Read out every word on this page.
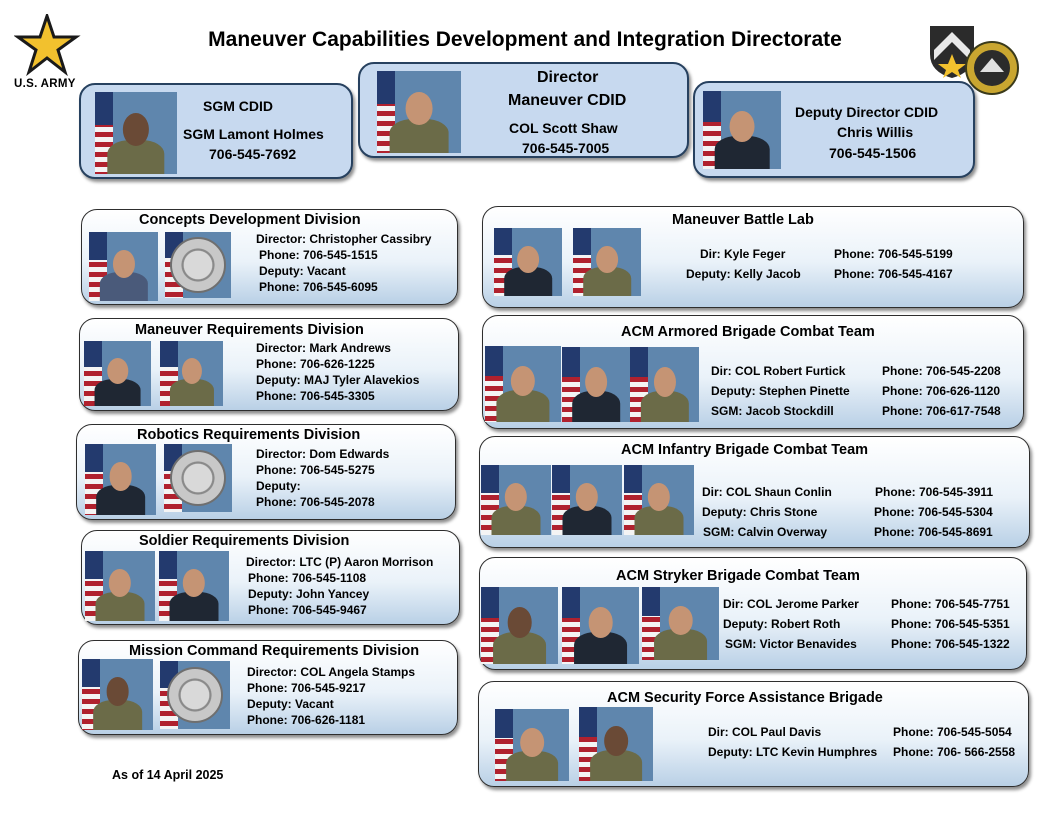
U.S. ARMY
Maneuver Capabilities Development and Integration Directorate
SGM CDID
SGM Lamont Holmes
706-545-7692
Director
Maneuver CDID
COL Scott Shaw
706-545-7005
Deputy Director CDID
Chris Willis
706-545-1506
Concepts Development Division
Director: Christopher Cassibry
Phone: 706-545-1515
Deputy: Vacant
Phone: 706-545-6095
Maneuver Requirements Division
Director: Mark Andrews
Phone: 706-626-1225
Deputy: MAJ Tyler Alavekios
Phone: 706-545-3305
Robotics Requirements Division
Director: Dom Edwards
Phone: 706-545-5275
Deputy:
Phone: 706-545-2078
Soldier Requirements Division
Director: LTC (P) Aaron Morrison
Phone: 706-545-1108
Deputy: John Yancey
Phone: 706-545-9467
Mission Command Requirements Division
Director: COL Angela Stamps
Phone: 706-545-9217
Deputy: Vacant
Phone: 706-626-1181
Maneuver Battle Lab
Dir: Kyle Feger
Deputy: Kelly Jacob
Phone: 706-545-5199
Phone: 706-545-4167
ACM Armored Brigade Combat Team
Dir: COL Robert Furtick
Deputy: Stephen Pinette
SGM: Jacob Stockdill
Phone: 706-545-2208
Phone: 706-626-1120
Phone: 706-617-7548
ACM Infantry Brigade Combat Team
Dir: COL Shaun Conlin
Deputy: Chris Stone
SGM: Calvin Overway
Phone: 706-545-3911
Phone: 706-545-5304
Phone: 706-545-8691
ACM Stryker Brigade Combat Team
Dir: COL Jerome Parker
Deputy: Robert Roth
SGM: Victor Benavides
Phone: 706-545-7751
Phone: 706-545-5351
Phone: 706-545-1322
ACM Security Force Assistance Brigade
Dir: COL Paul Davis
Deputy: LTC Kevin Humphres
Phone: 706-545-5054
Phone: 706- 566-2558
As of 14 April 2025
